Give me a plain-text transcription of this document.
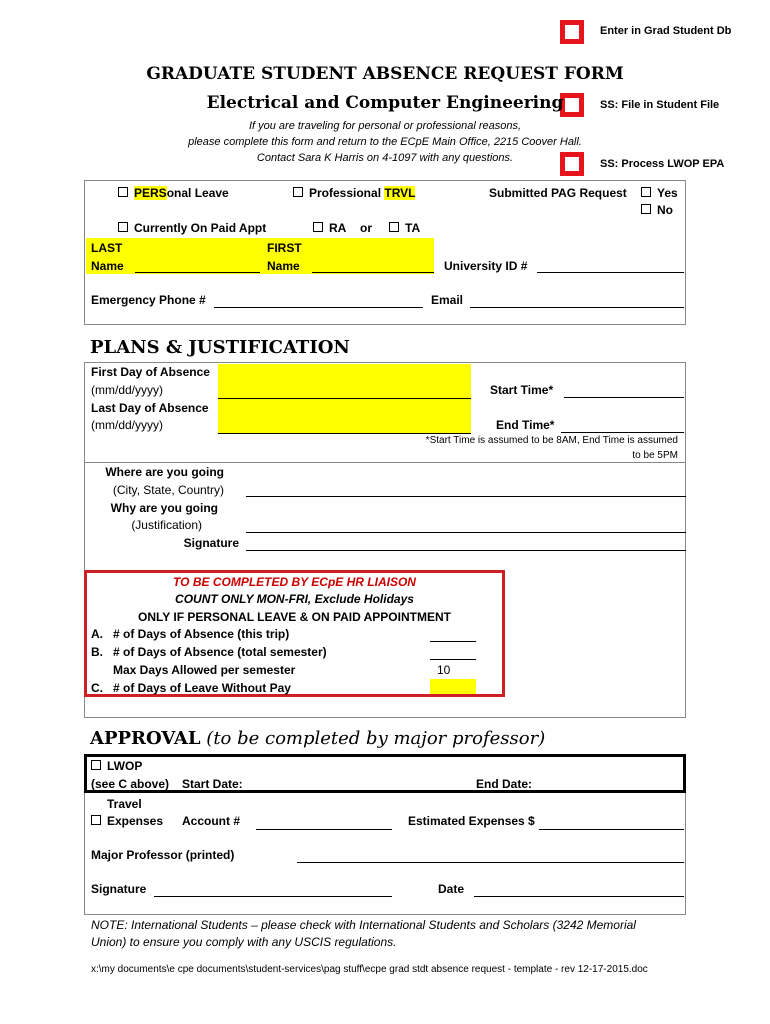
Enter in Grad Student Db
SS: File in Student File
SS: Process LWOP EPA
GRADUATE STUDENT ABSENCE REQUEST FORM
Electrical and Computer Engineering
If you are traveling for personal or professional reasons,
please complete this form and return to the ECpE Main Office, 2215 Coover Hall.
Contact Sara K Harris on 4-1097 with any questions.
PERSonal Leave	Professional TRVL	Submitted PAG Request	Yes
No
Currently On Paid Appt	RA or	TA
LAST
Name
FIRST
Name	University ID #
Emergency Phone #	Email
PLANS & JUSTIFICATION
First Day of Absence
(mm/dd/yyyy)
Last Day of Absence
(mm/dd/yyyy)
Start Time*
End Time*
*Start Time is assumed to be 8AM, End Time is assumed
to be 5PM
Where are you going
(City, State, Country)
Why are you going
(Justification)
Signature
TO BE COMPLETED BY ECpE HR LIAISON
COUNT ONLY MON-FRI, Exclude Holidays
ONLY IF PERSONAL LEAVE & ON PAID APPOINTMENT
A. # of Days of Absence (this trip)
B. # of Days of Absence (total semester)
Max Days Allowed per semester	10
C. # of Days of Leave Without Pay
APPROVAL (to be completed by major professor)
LWOP
(see C above) Start Date:	End Date:
Travel
Expenses Account #	Estimated Expenses $
Major Professor (printed)
Signature	Date
NOTE: International Students – please check with International Students and Scholars (3242 Memorial
Union) to ensure you comply with any USCIS regulations.
x:\my documents\e cpe documents\student-services\pag stuff\ecpe grad stdt absence request - template - rev 12-17-2015.doc
